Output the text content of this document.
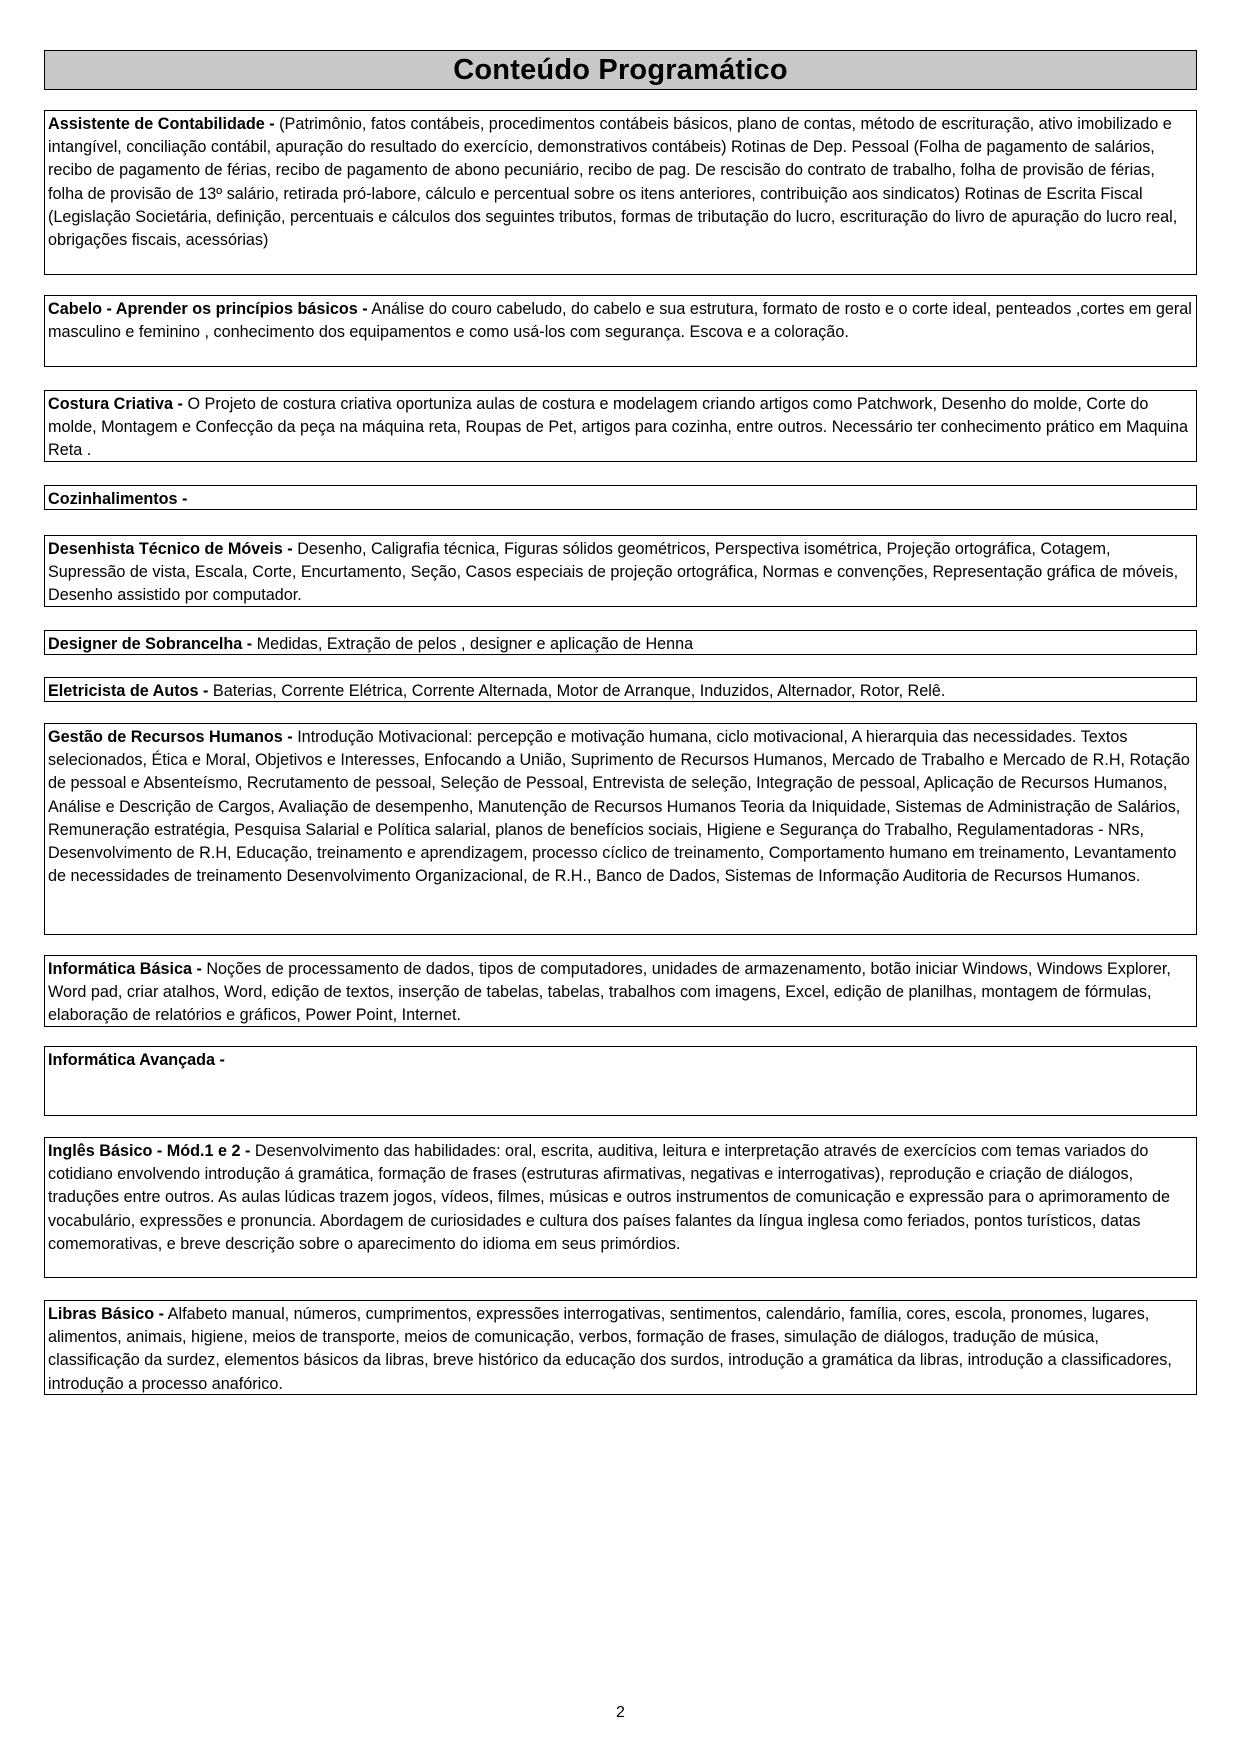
Conteúdo Programático
Assistente de Contabilidade - (Patrimônio, fatos contábeis, procedimentos contábeis básicos, plano de contas, método de escrituração, ativo imobilizado e intangível, conciliação contábil, apuração do resultado do exercício, demonstrativos contábeis) Rotinas de Dep. Pessoal (Folha de pagamento de salários, recibo de pagamento de férias, recibo de pagamento de abono pecuniário, recibo de pag. De rescisão do contrato de trabalho, folha de provisão de férias, folha de provisão de 13º salário, retirada pró-labore, cálculo e percentual sobre os itens anteriores, contribuição aos sindicatos) Rotinas de Escrita Fiscal (Legislação Societária, definição, percentuais e cálculos dos seguintes tributos, formas de tributação do lucro, escrituração do livro de apuração do lucro real, obrigações fiscais, acessórias)
Cabelo - Aprender os princípios básicos - Análise do couro cabeludo, do cabelo e sua estrutura, formato de rosto e o corte ideal, penteados ,cortes em geral masculino e feminino , conhecimento dos equipamentos e como usá-los com segurança. Escova e a coloração.
Costura Criativa - O Projeto de costura criativa oportuniza aulas de costura e modelagem criando artigos como Patchwork, Desenho do molde, Corte do molde, Montagem e Confecção da peça na máquina reta, Roupas de Pet, artigos para cozinha, entre outros. Necessário ter conhecimento prático em Maquina Reta .
Cozinhalimentos -
Desenhista Técnico de Móveis - Desenho, Caligrafia técnica, Figuras sólidos geométricos, Perspectiva isométrica, Projeção ortográfica, Cotagem, Supressão de vista, Escala, Corte, Encurtamento, Seção, Casos especiais de projeção ortográfica, Normas e convenções, Representação gráfica de móveis, Desenho assistido por computador.
Designer de Sobrancelha - Medidas, Extração de pelos , designer e aplicação de Henna
Eletricista de Autos - Baterias, Corrente Elétrica, Corrente Alternada, Motor de Arranque, Induzidos, Alternador, Rotor, Relê.
Gestão de Recursos Humanos - Introdução Motivacional: percepção e motivação humana, ciclo motivacional, A hierarquia das necessidades. Textos selecionados, Ética e Moral, Objetivos e Interesses, Enfocando a União, Suprimento de Recursos Humanos, Mercado de Trabalho e Mercado de R.H, Rotação de pessoal e Absenteísmo, Recrutamento de pessoal, Seleção de Pessoal, Entrevista de seleção, Integração de pessoal, Aplicação de Recursos Humanos, Análise e Descrição de Cargos, Avaliação de desempenho, Manutenção de Recursos Humanos Teoria da Iniquidade, Sistemas de Administração de Salários, Remuneração estratégia, Pesquisa Salarial e Política salarial, planos de benefícios sociais, Higiene e Segurança do Trabalho, Regulamentadoras - NRs, Desenvolvimento de R.H, Educação, treinamento e aprendizagem, processo cíclico de treinamento, Comportamento humano em treinamento, Levantamento de necessidades de treinamento Desenvolvimento Organizacional, de R.H., Banco de Dados, Sistemas de Informação Auditoria de Recursos Humanos.
Informática Básica - Noções de processamento de dados, tipos de computadores, unidades de armazenamento, botão iniciar Windows, Windows Explorer, Word pad, criar atalhos, Word, edição de textos, inserção de tabelas, tabelas, trabalhos com imagens, Excel, edição de planilhas, montagem de fórmulas, elaboração de relatórios e gráficos, Power Point, Internet.
Informática Avançada -
Inglês Básico - Mód.1 e 2 - Desenvolvimento das habilidades: oral, escrita, auditiva, leitura e interpretação através de exercícios com temas variados do cotidiano envolvendo introdução á gramática, formação de frases (estruturas afirmativas, negativas e interrogativas), reprodução e criação de diálogos, traduções entre outros. As aulas lúdicas trazem jogos, vídeos, filmes, músicas e outros instrumentos de comunicação e expressão para o aprimoramento de vocabulário, expressões e pronuncia. Abordagem de curiosidades e cultura dos países falantes da língua inglesa como feriados, pontos turísticos, datas comemorativas, e breve descrição sobre o aparecimento do idioma em seus primórdios.
Libras Básico - Alfabeto manual, números, cumprimentos, expressões interrogativas, sentimentos, calendário, família, cores, escola, pronomes, lugares, alimentos, animais, higiene, meios de transporte, meios de comunicação, verbos, formação de frases, simulação de diálogos, tradução de música, classificação da surdez, elementos básicos da libras, breve histórico da educação dos surdos, introdução a gramática da libras, introdução a classificadores, introdução a processo anafórico.
2
